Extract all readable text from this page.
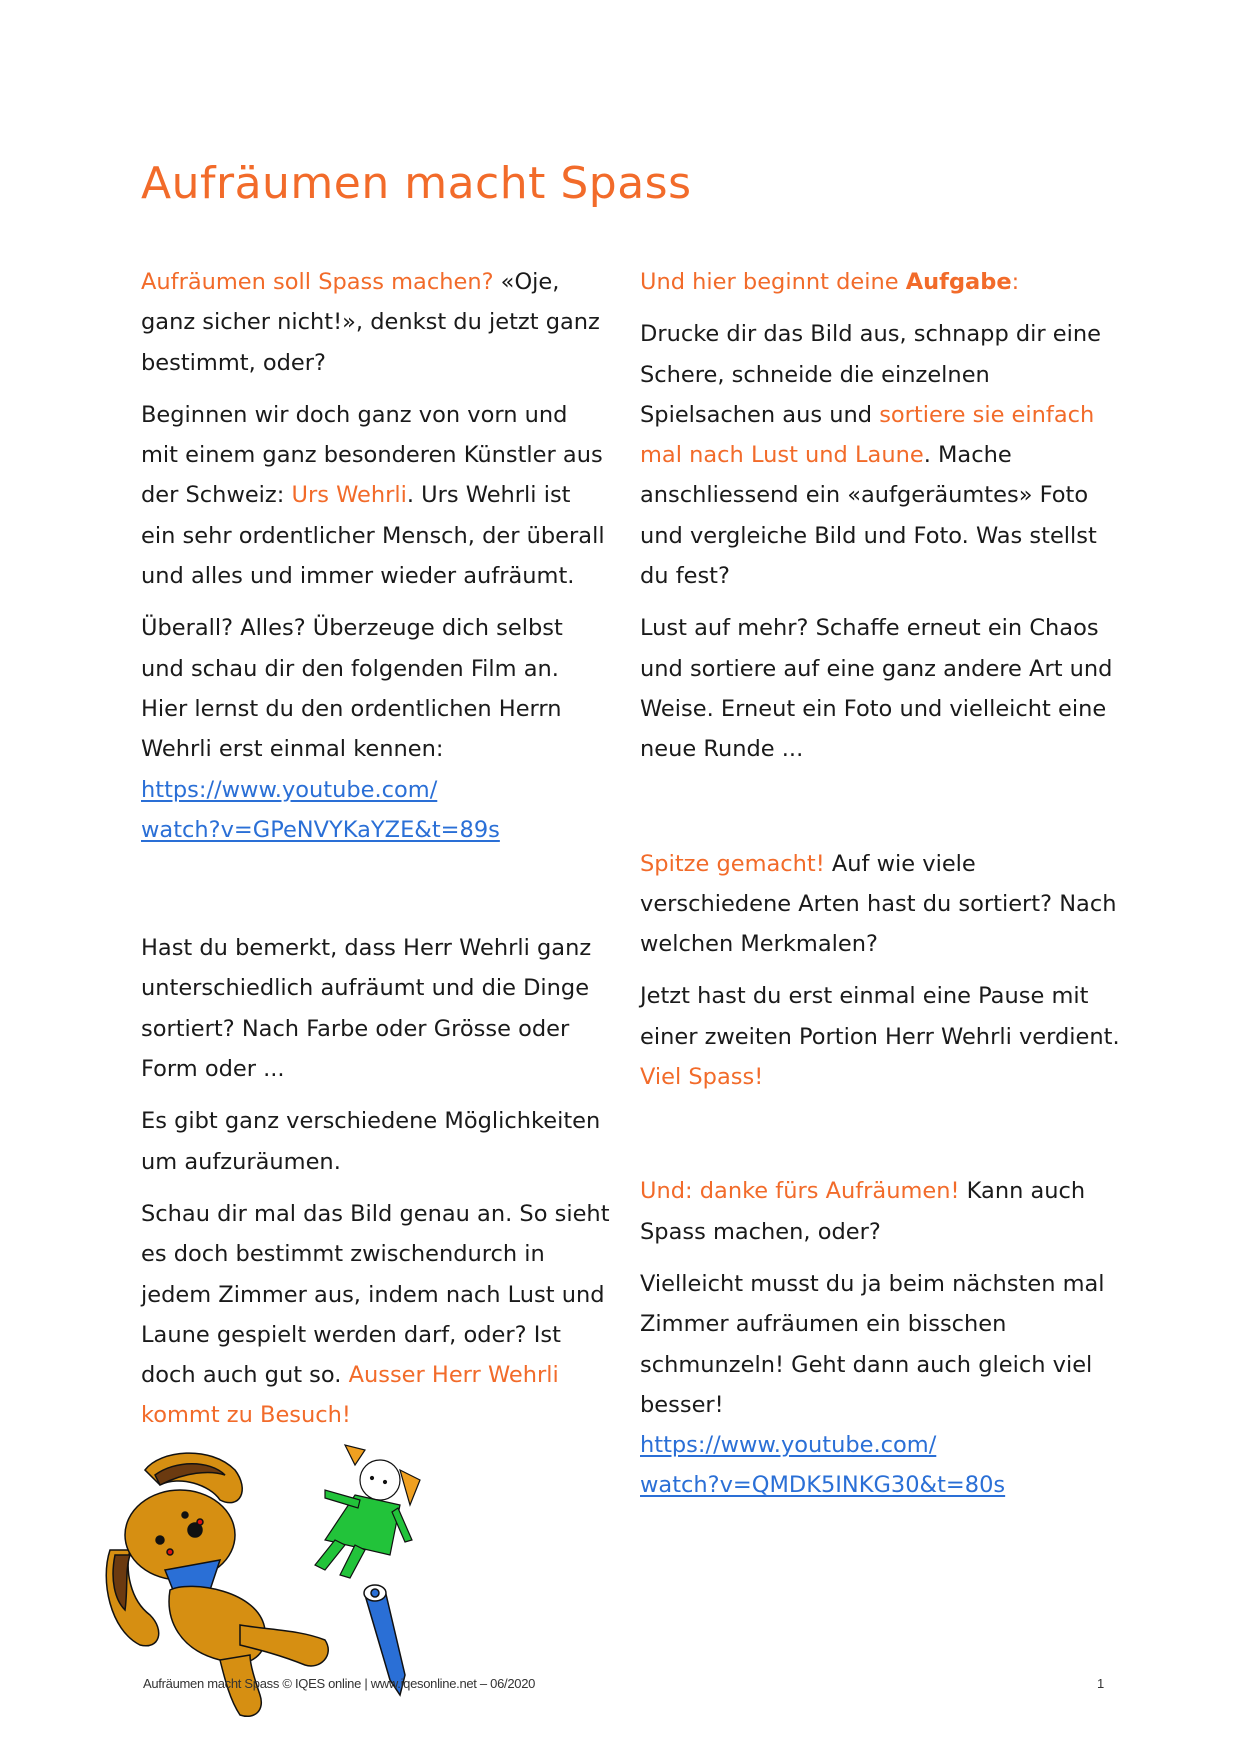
Aufräumen macht Spass

Aufräumen soll Spass machen? «Oje, ganz sicher nicht!», denkst du jetzt ganz bestimmt, oder?

Beginnen wir doch ganz von vorn und mit einem ganz besonderen Künstler aus der Schweiz: Urs Wehrli. Urs Wehrli ist ein sehr ordentlicher Mensch, der überall und alles und immer wieder aufräumt.

Überall? Alles? Überzeuge dich selbst und schau dir den folgenden Film an. Hier lernst du den ordentlichen Herrn Wehrli erst einmal kennen:
https://www.youtube.com/
watch?v=GPeNVYKaYZE&t=89s

Hast du bemerkt, dass Herr Wehrli ganz unterschiedlich aufräumt und die Dinge sortiert? Nach Farbe oder Grösse oder Form oder ...

Es gibt ganz verschiedene Möglichkeiten um aufzuräumen.

Schau dir mal das Bild genau an. So sieht es doch bestimmt zwischendurch in jedem Zimmer aus, indem nach Lust und Laune gespielt werden darf, oder? Ist doch auch gut so. Ausser Herr Wehrli kommt zu Besuch!

Und hier beginnt deine Aufgabe:

Drucke dir das Bild aus, schnapp dir eine Schere, schneide die einzelnen Spielsachen aus und sortiere sie einfach mal nach Lust und Laune. Mache anschliessend ein «aufgeräumtes» Foto und vergleiche Bild und Foto. Was stellst du fest?

Lust auf mehr? Schaffe erneut ein Chaos und sortiere auf eine ganz andere Art und Weise. Erneut ein Foto und vielleicht eine neue Runde ...

Spitze gemacht! Auf wie viele verschiedene Arten hast du sortiert? Nach welchen Merkmalen?

Jetzt hast du erst einmal eine Pause mit einer zweiten Portion Herr Wehrli verdient. Viel Spass!

Und: danke fürs Aufräumen! Kann auch Spass machen, oder?

Vielleicht musst du ja beim nächsten mal Zimmer aufräumen ein bisschen schmunzeln! Geht dann auch gleich viel besser!
https://www.youtube.com/
watch?v=QMDK5INKG30&t=80s

Aufräumen macht Spass © IQES online | www.iqesonline.net – 06/2020	1
